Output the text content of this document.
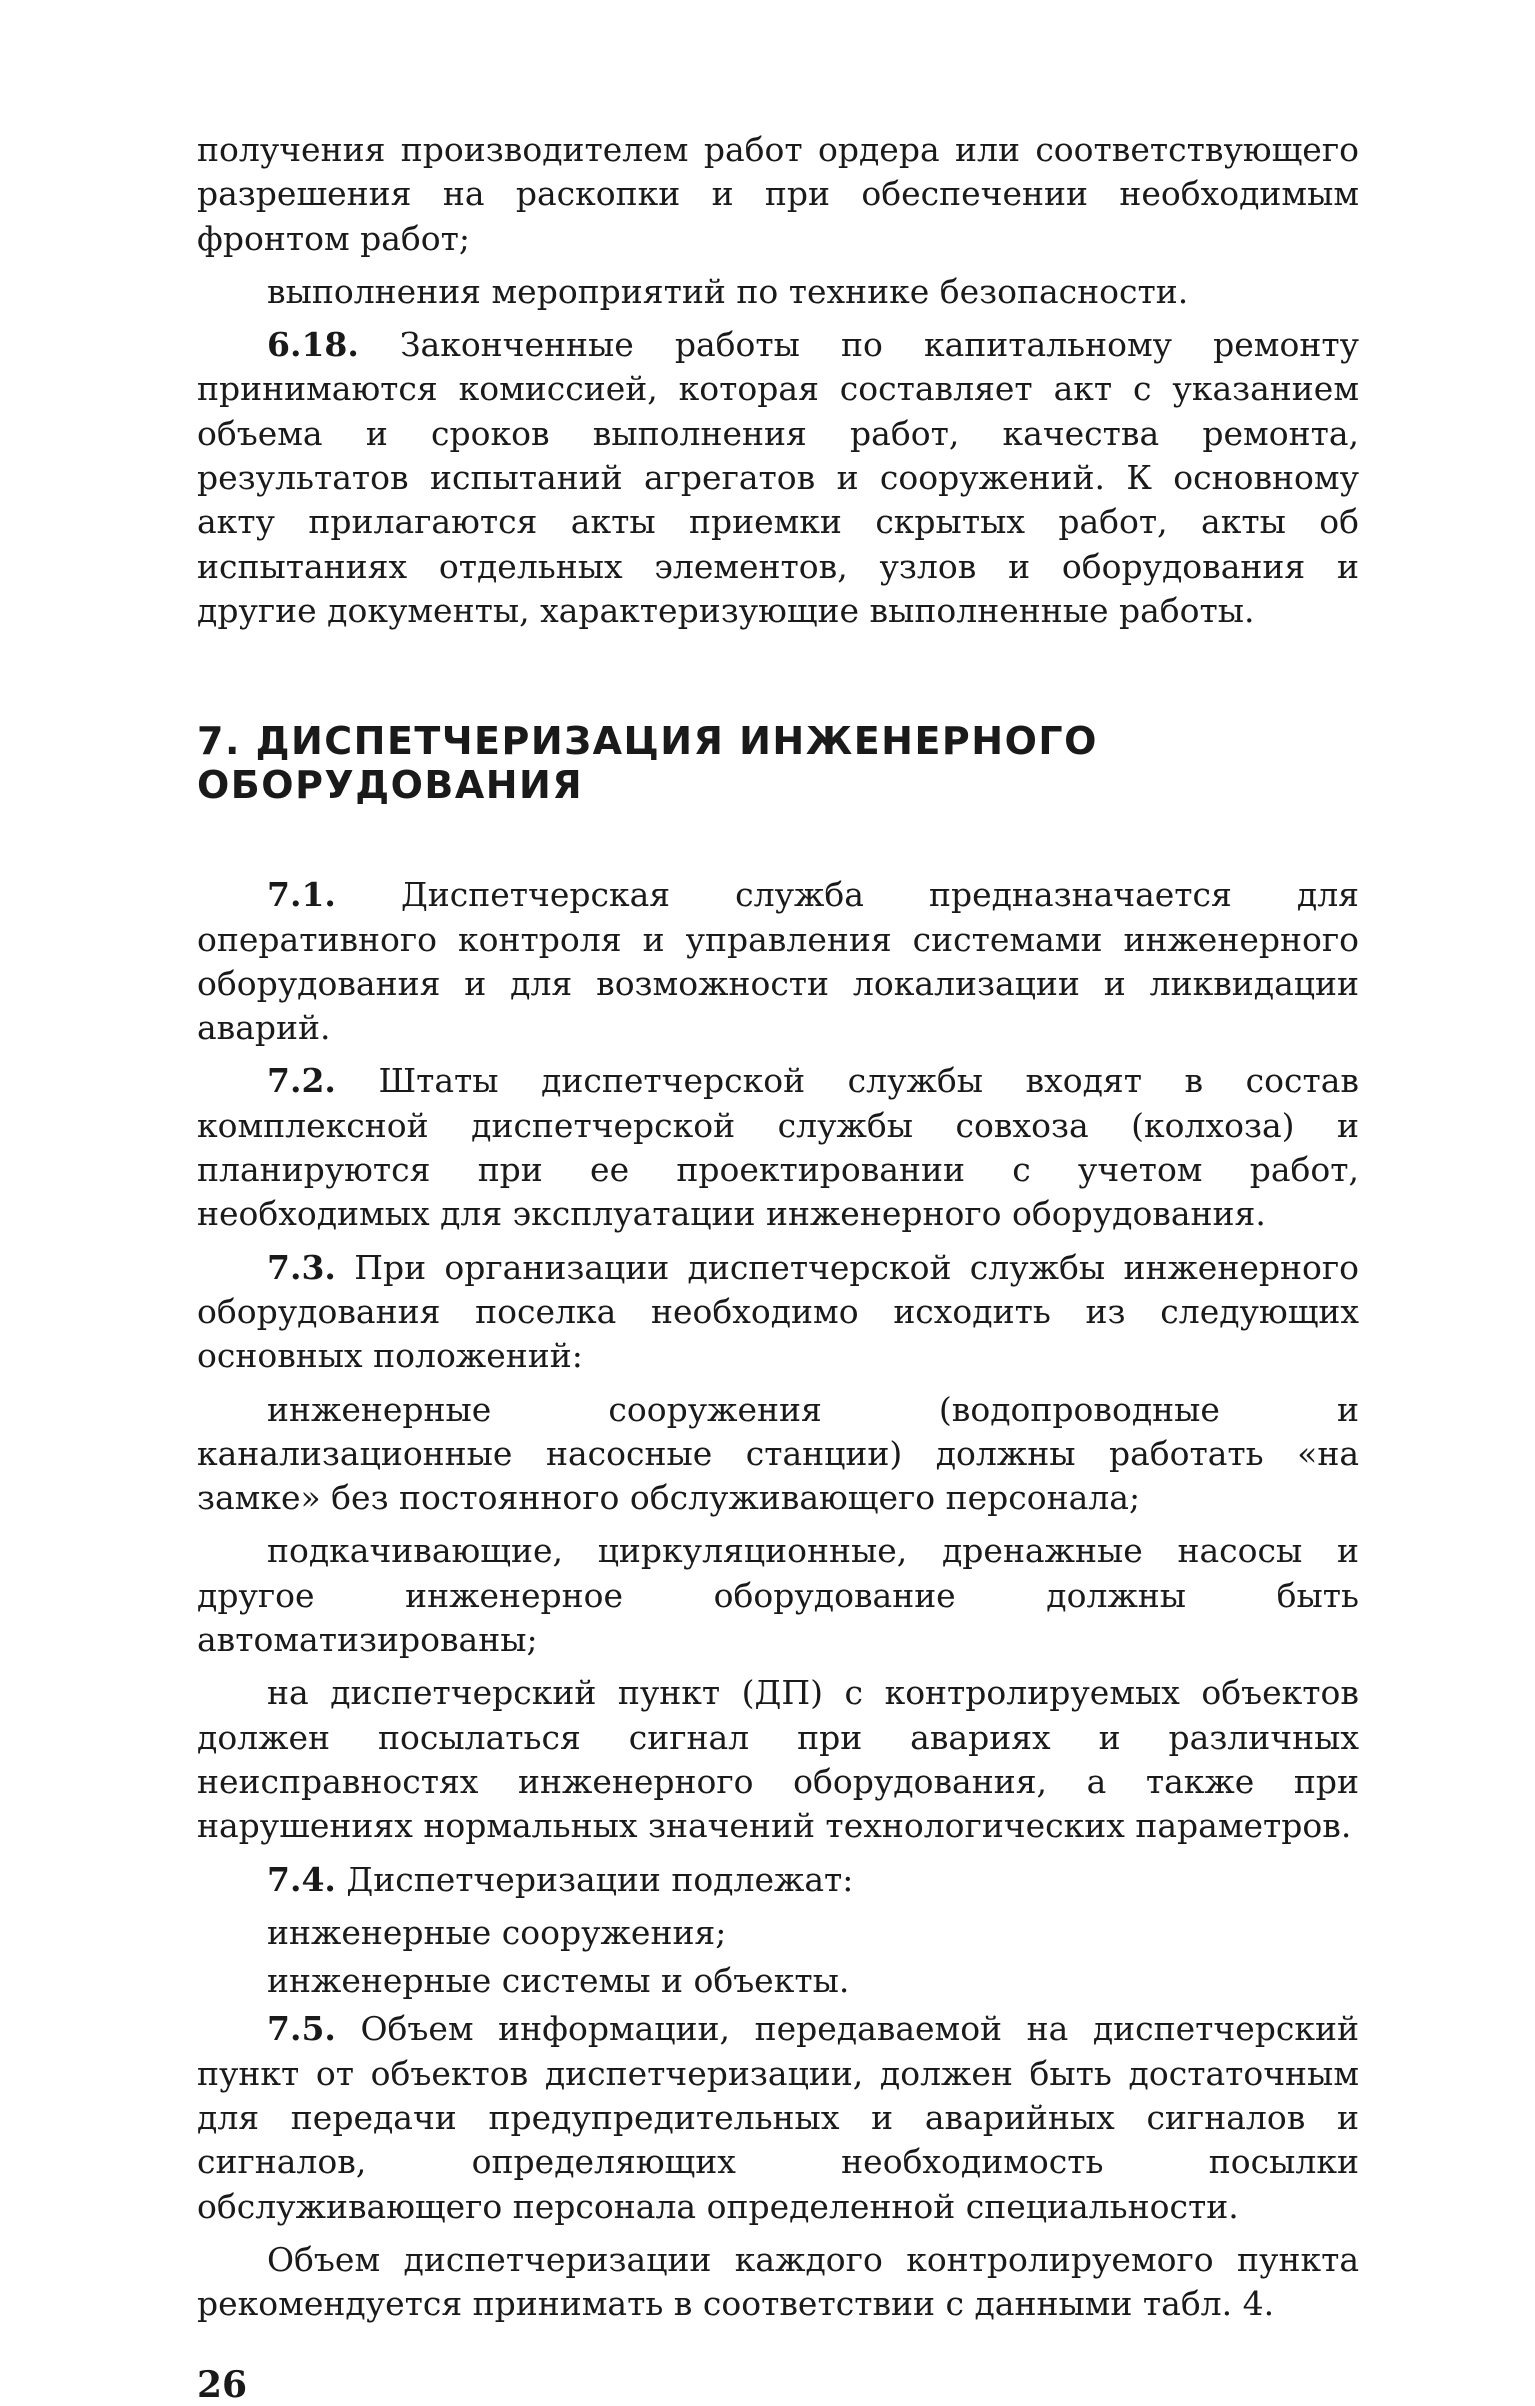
получения производителем работ ордера или соответствующего разрешения на раскопки и при обеспечении необходимым фронтом работ;

выполнения мероприятий по технике безопасности.

6.18. Законченные работы по капитальному ремонту принимаются комиссией, которая составляет акт с указанием объема и сроков выполнения работ, качества ремонта, результатов испытаний агрегатов и сооружений. К основному акту прилагаются акты приемки скрытых работ, акты об испытаниях отдельных элементов, узлов и оборудования и другие документы, характеризующие выполненные работы.

7. ДИСПЕТЧЕРИЗАЦИЯ ИНЖЕНЕРНОГО ОБОРУДОВАНИЯ

7.1. Диспетчерская служба предназначается для оперативного контроля и управления системами инженерного оборудования и для возможности локализации и ликвидации аварий.

7.2. Штаты диспетчерской службы входят в состав комплексной диспетчерской службы совхоза (колхоза) и планируются при ее проектировании с учетом работ, необходимых для эксплуатации инженерного оборудования.

7.3. При организации диспетчерской службы инженерного оборудования поселка необходимо исходить из следующих основных положений:

инженерные сооружения (водопроводные и канализационные насосные станции) должны работать «на замке» без постоянного обслуживающего персонала;

подкачивающие, циркуляционные, дренажные насосы и другое инженерное оборудование должны быть автоматизированы;

на диспетчерский пункт (ДП) с контролируемых объектов должен посылаться сигнал при авариях и различных неисправностях инженерного оборудования, а также при нарушениях нормальных значений технологических параметров.

7.4. Диспетчеризации подлежат:

инженерные сооружения;

инженерные системы и объекты.

7.5. Объем информации, передаваемой на диспетчерский пункт от объектов диспетчеризации, должен быть достаточным для передачи предупредительных и аварийных сигналов и сигналов, определяющих необходимость посылки обслуживающего персонала определенной специальности.

Объем диспетчеризации каждого контролируемого пункта рекомендуется принимать в соответствии с данными табл. 4.

26
